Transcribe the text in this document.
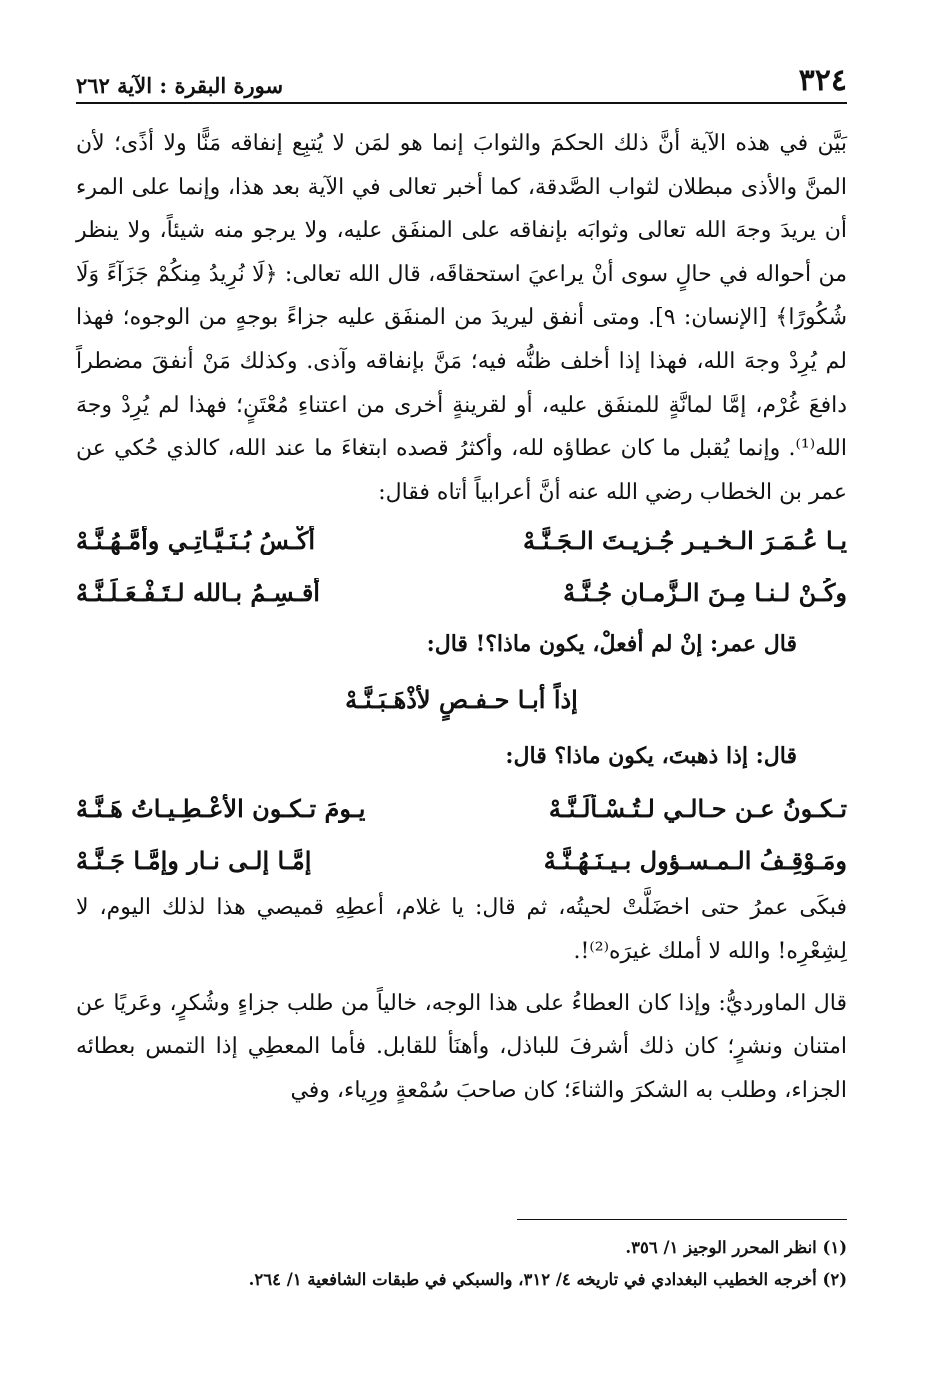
٣٢٤
سورة البقرة : الآية ٢٦٢

بَيَّن في هذه الآية أنَّ ذلك الحكمَ والثوابَ إنما هو لمَن لا يُتبِع إنفاقه مَنًّا ولا أذًى؛ لأن المنَّ والأذى مبطلان لثواب الصَّدقة، كما أخبر تعالى في الآية بعد هذا، وإنما على المرء أن يريدَ وجهَ الله تعالى وثوابَه بإنفاقه على المنفَق عليه، ولا يرجو منه شيئاً، ولا ينظر من أحواله في حالٍ سوى أنْ يراعيَ استحقاقَه، قال الله تعالى: ﴿لَا نُرِيدُ مِنكُمْ جَزَآءً وَلَا شُكُورًا﴾ [الإنسان: ٩]. ومتى أنفق ليريدَ من المنفَق عليه جزاءً بوجهٍ من الوجوه؛ فهذا لم يُرِدْ وجهَ الله، فهذا إذا أخلف ظنُّه فيه؛ مَنَّ بإنفاقه وآذى. وكذلك مَنْ أنفقَ مضطراً دافعَ غُرْم، إمَّا لمانَّةٍ للمنفَق عليه، أو لقرينةٍ أخرى من اعتناءِ مُعْتَنٍ؛ فهذا لم يُرِدْ وجهَ الله⁽¹⁾. وإنما يُقبل ما كان عطاؤه لله، وأكثرُ قصده ابتغاءَ ما عند الله، كالذي حُكي عن عمر بن الخطاب رضي الله عنه أنَّ أعرابياً أتاه فقال:

يـا عُـمَـرَ الـخـيـرِ جُـزيـتَ الـجَـنَّـهْ
أُكْـسُ بُـنَـيَّـاتِـي وأُمَّـهُـنَّـهْ
وكُـنْ لـنـا مِـنَ الـزَّمـانِ جُـنَّـهْ
أُقـسِـمُ بـالله لـتَـفْـعَـلَـنَّـهْ

قال عمر: إنْ لم أفعلْ، يكون ماذا؟! قال:

إذاً أبـا حـفـصٍ لأذْهَـبَـنَّـهْ

قال: إذا ذهبتَ، يكون ماذا؟ قال:

تـكـونُ عـن حـالـي لـتُـسْـأَلَـنَّـهْ
يـومَ تـكـون الأُعْـطِـيـاتُ هَـنَّـهْ
ومَـوْقِـفُ الـمـسـؤول بـيـنَـهُـنَّـهْ
إمَّـا إلـى نـارٍ وإمَّـا جَـنَّـهْ

فبكَى عمرُ حتى اخضَلَّتْ لحيتُه، ثم قال: يا غلام، أعطِهِ قميصي هذا لذلك اليوم، لا لِشِعْرِه! والله لا أملك غيرَه⁽²⁾!.

قال الماورديُّ: وإذا كان العطاءُ على هذا الوجه، خالياً من طلب جزاءٍ وشُكرٍ، وعَريًا عن امتنان ونشرٍ؛ كان ذلك أشرفَ للباذل، وأهنَأ للقابل. فأما المعطِي إذا التمس بعطائه الجزاء، وطلب به الشكرَ والثناءَ؛ كان صاحبَ سُمْعةٍ ورِياء، وفي

(١) انظر المحرر الوجيز ١/ ٣٥٦.

(٢) أخرجه الخطيب البغدادي في تاريخه ٤/ ٣١٢، والسبكي في طبقات الشافعية ١/ ٢٦٤.
